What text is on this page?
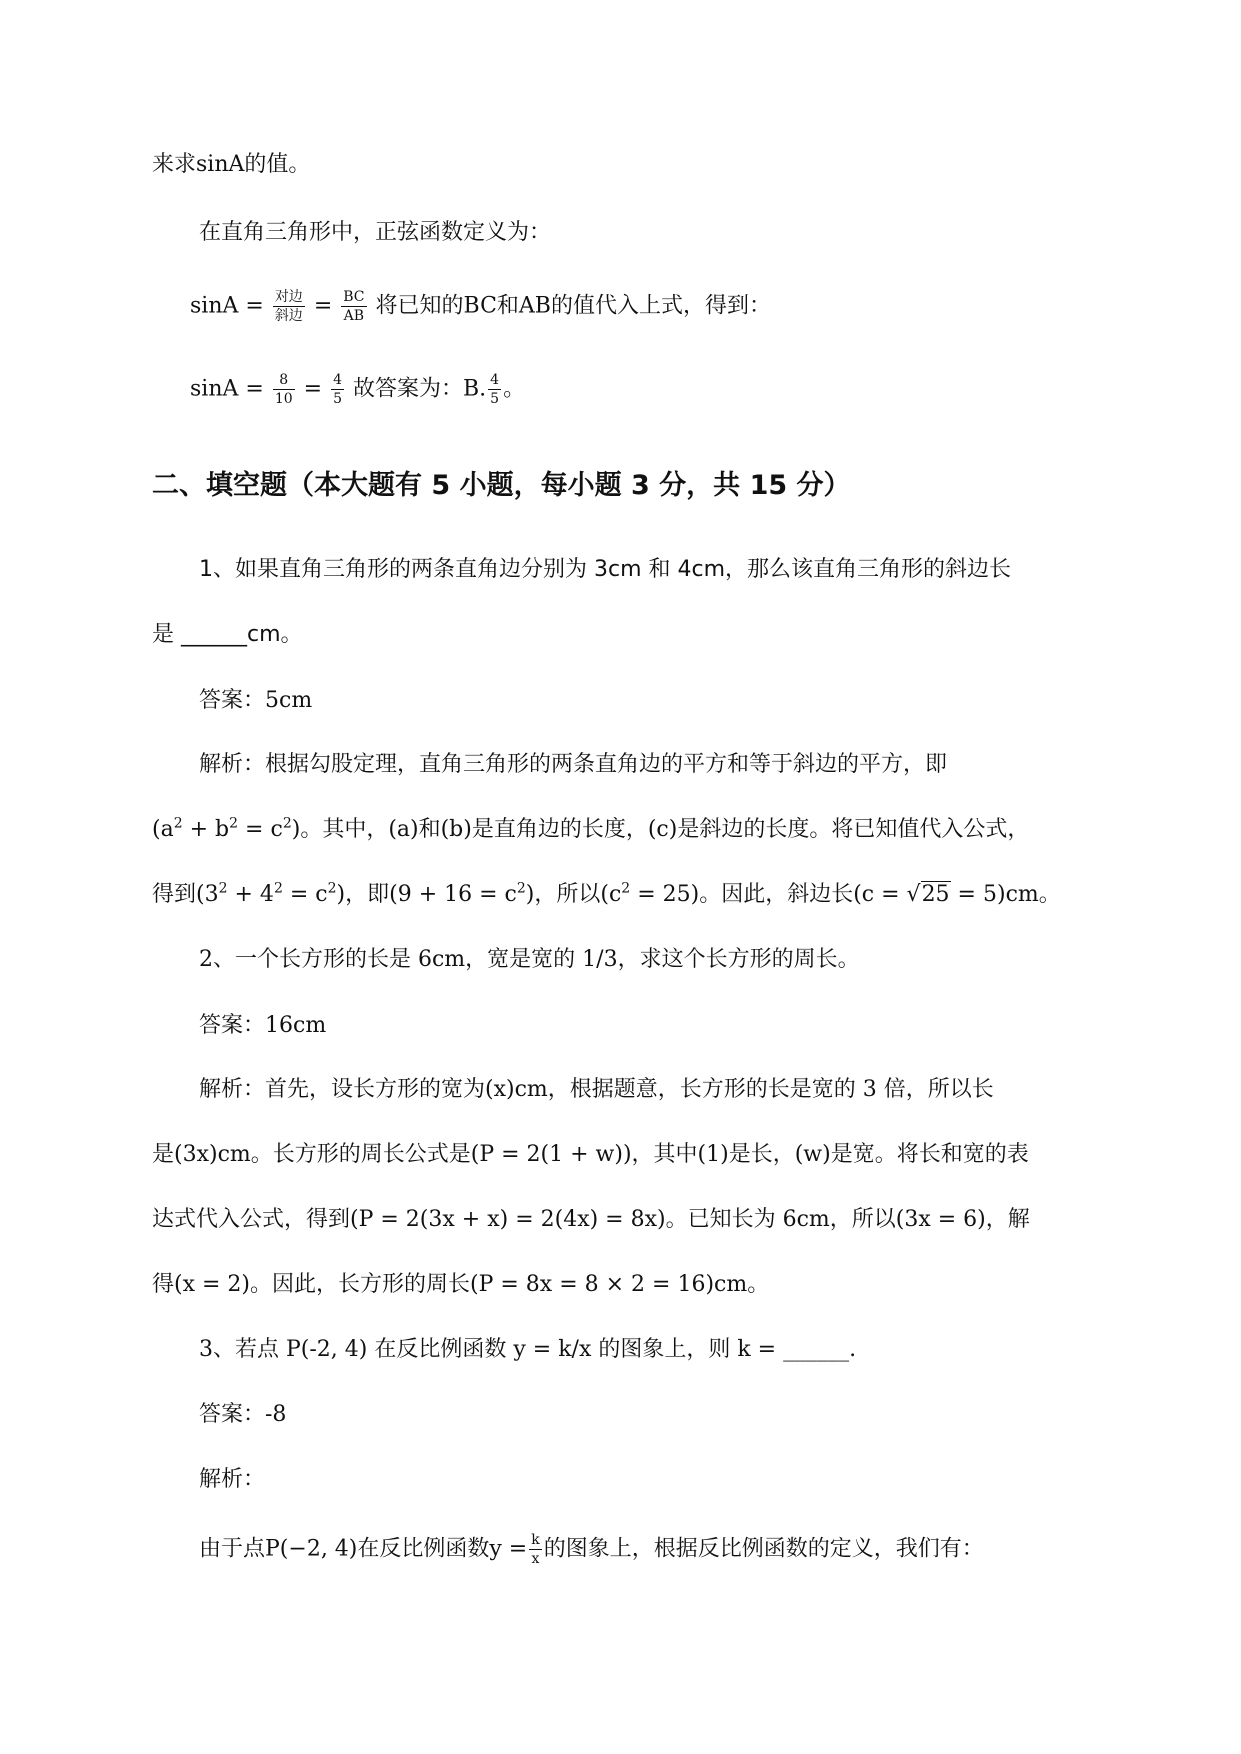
来求sinA的值。
在直角三角形中，正弦函数定义为：
$\sin A = \frac{\text{对边}}{\text{斜边}} = \frac{BC}{AB}$ 将已知的BC和AB的值代入上式，得到：
$\sin A = \frac{8}{10} = \frac{4}{5}$ 故答案为：B. $\frac{4}{5}$ 。
二、填空题（本大题有 5 小题，每小题 3 分，共 15 分）
1、如果直角三角形的两条直角边分别为 3cm 和 4cm，那么该直角三角形的斜边长
是 ______cm。
答案：5cm
解析：根据勾股定理，直角三角形的两条直角边的平方和等于斜边的平方，即
$(a^2 + b^2 = c^2)$。其中，(a)和(b)是直角边的长度，(c)是斜边的长度。将已知值代入公式，
得到$(3^2 + 4^2 = c^2)$，即$(9 + 16 = c^2)$，所以$(c^2 = 25)$。因此，斜边长(c = √25 = 5)cm。
2、一个长方形的长是 6cm，宽是宽的 1/3，求这个长方形的周长。
答案：16cm
解析：首先，设长方形的宽为(x)cm，根据题意，长方形的长是宽的 3 倍，所以长
是(3x)cm。长方形的周长公式是(P = 2(1 + w))，其中(1)是长，(w)是宽。将长和宽的表
达式代入公式，得到(P = 2(3x + x) = 2(4x) = 8x)。已知长为 6cm，所以(3x = 6)，解
得(x = 2)。因此，长方形的周长(P = 8x = 8 × 2 = 16)cm。
3、若点 P(-2, 4) 在反比例函数 y = k/x 的图象上，则 k = ______.
答案：-8
解析：
由于点P(−2, 4)在反比例函数$y = \frac{k}{x}$ 的图象上，根据反比例函数的定义，我们有：
